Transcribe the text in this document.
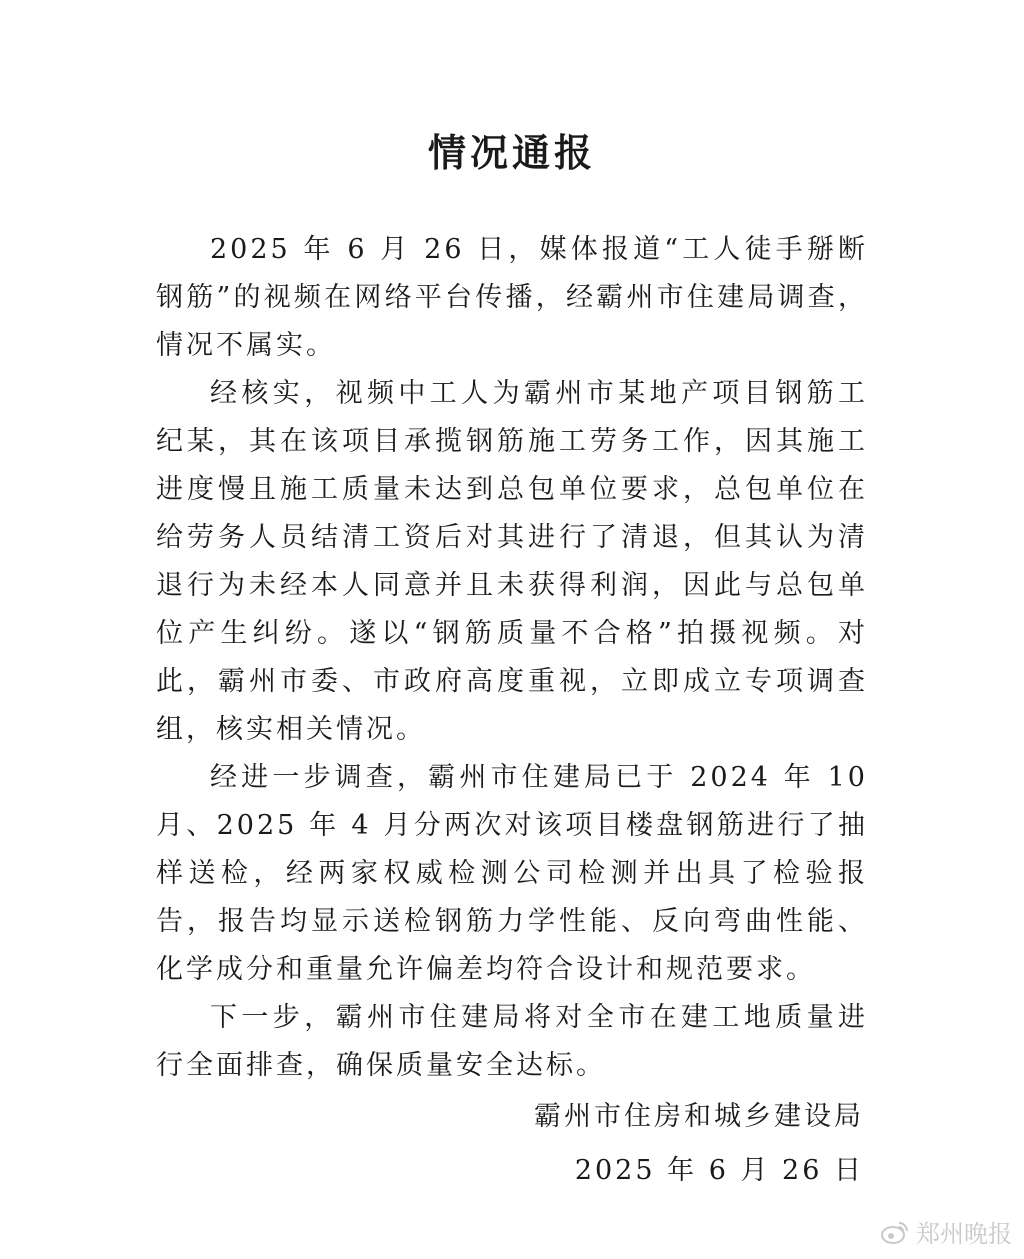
情况通报

2025 年 6 月 26 日，媒体报道“工人徒手掰断钢筋”的视频在网络平台传播，经霸州市住建局调查，情况不属实。

经核实，视频中工人为霸州市某地产项目钢筋工纪某，其在该项目承揽钢筋施工劳务工作，因其施工进度慢且施工质量未达到总包单位要求，总包单位在给劳务人员结清工资后对其进行了清退，但其认为清退行为未经本人同意并且未获得利润，因此与总包单位产生纠纷。遂以“钢筋质量不合格”拍摄视频。对此，霸州市委、市政府高度重视，立即成立专项调查组，核实相关情况。

经进一步调查，霸州市住建局已于 2024 年 10 月、2025 年 4 月分两次对该项目楼盘钢筋进行了抽样送检，经两家权威检测公司检测并出具了检验报告，报告均显示送检钢筋力学性能、反向弯曲性能、化学成分和重量允许偏差均符合设计和规范要求。

下一步，霸州市住建局将对全市在建工地质量进行全面排查，确保质量安全达标。

霸州市住房和城乡建设局
2025 年 6 月 26 日
郑州晚报
